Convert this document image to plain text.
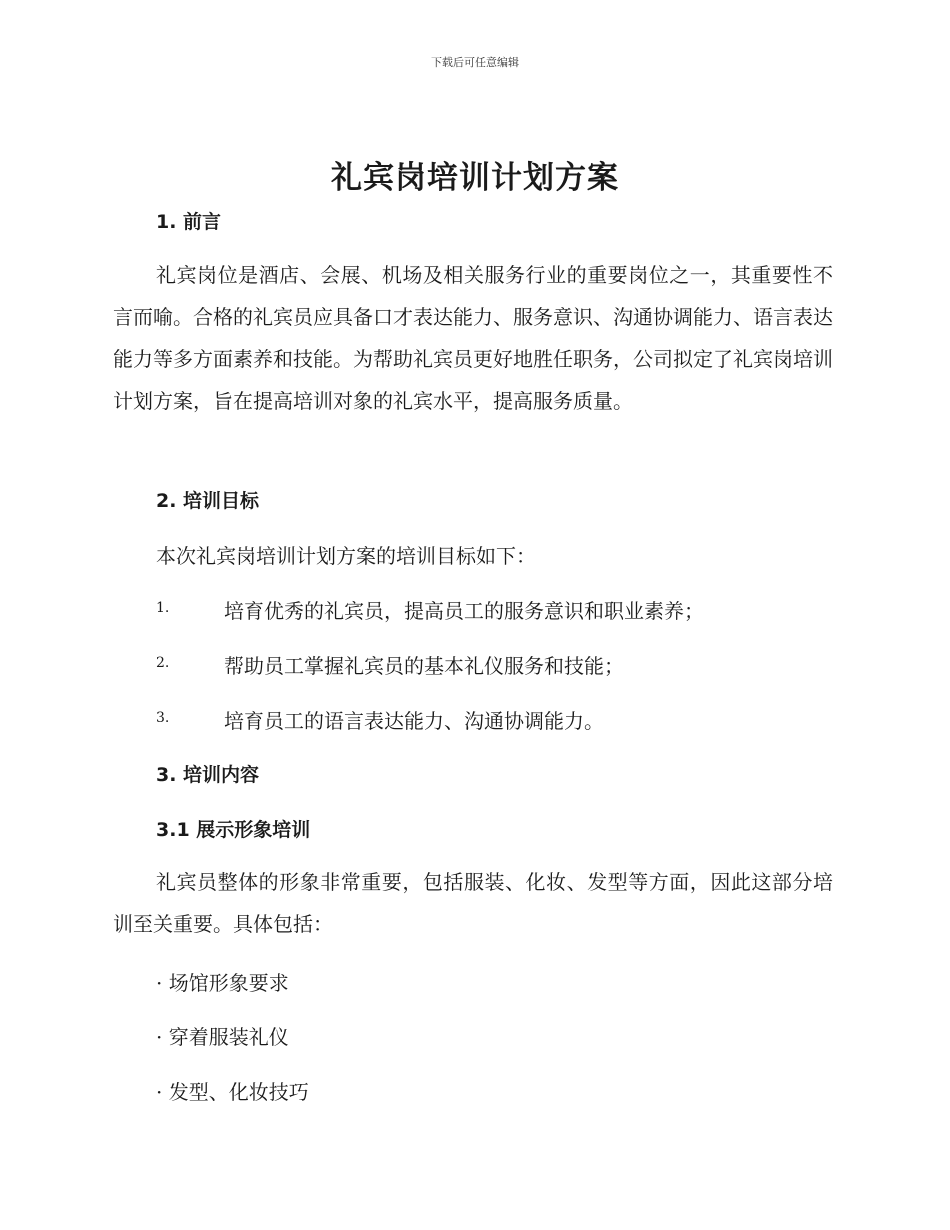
下载后可任意编辑
礼宾岗培训计划方案
1. 前言
礼宾岗位是酒店、会展、机场及相关服务行业的重要岗位之一，其重要性不言而喻。合格的礼宾员应具备口才表达能力、服务意识、沟通协调能力、语言表达能力等多方面素养和技能。为帮助礼宾员更好地胜任职务，公司拟定了礼宾岗培训计划方案，旨在提高培训对象的礼宾水平，提高服务质量。
2. 培训目标
本次礼宾岗培训计划方案的培训目标如下：
1.	培育优秀的礼宾员，提高员工的服务意识和职业素养；
2.	帮助员工掌握礼宾员的基本礼仪服务和技能；
3.	培育员工的语言表达能力、沟通协调能力。
3. 培训内容
3.1 展示形象培训
礼宾员整体的形象非常重要，包括服装、化妆、发型等方面，因此这部分培训至关重要。具体包括：
· 场馆形象要求
· 穿着服装礼仪
· 发型、化妆技巧
